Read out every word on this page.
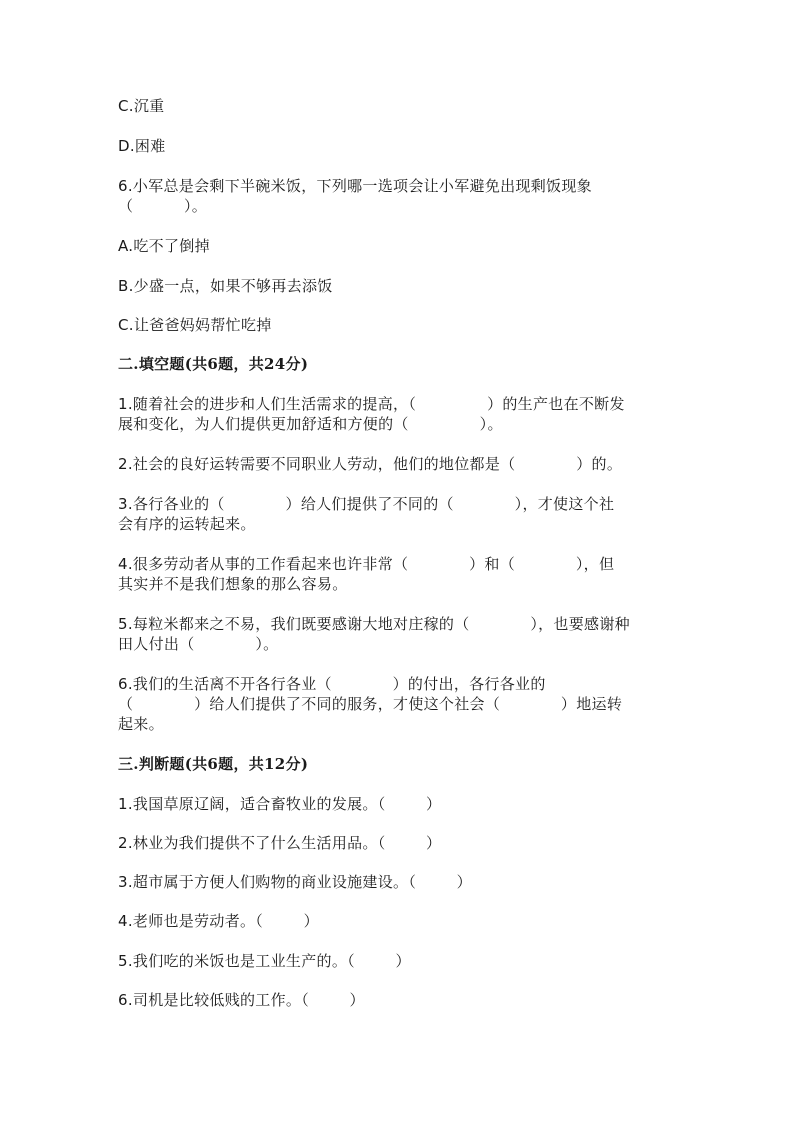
C.沉重
D.困难
6.小军总是会剩下半碗米饭，下列哪一选项会让小军避免出现剩饭现象
（          ）。
A.吃不了倒掉
B.少盛一点，如果不够再去添饭
C.让爸爸妈妈帮忙吃掉
二.填空题(共6题，共24分)
1.随着社会的进步和人们生活需求的提高，（              ）的生产也在不断发
展和变化，为人们提供更加舒适和方便的（              ）。
2.社会的良好运转需要不同职业人劳动，他们的地位都是（            ）的。
3.各行各业的（            ）给人们提供了不同的（            ），才使这个社
会有序的运转起来。
4.很多劳动者从事的工作看起来也许非常（            ）和（            ），但
其实并不是我们想象的那么容易。
5.每粒米都来之不易，我们既要感谢大地对庄稼的（            ），也要感谢种
田人付出（            ）。
6.我们的生活离不开各行各业（            ）的付出，各行各业的
（            ）给人们提供了不同的服务，才使这个社会（            ）地运转
起来。
三.判断题(共6题，共12分)
1.我国草原辽阔，适合畜牧业的发展。（        ）
2.林业为我们提供不了什么生活用品。（        ）
3.超市属于方便人们购物的商业设施建设。（        ）
4.老师也是劳动者。（        ）
5.我们吃的米饭也是工业生产的。（        ）
6.司机是比较低贱的工作。（        ）
